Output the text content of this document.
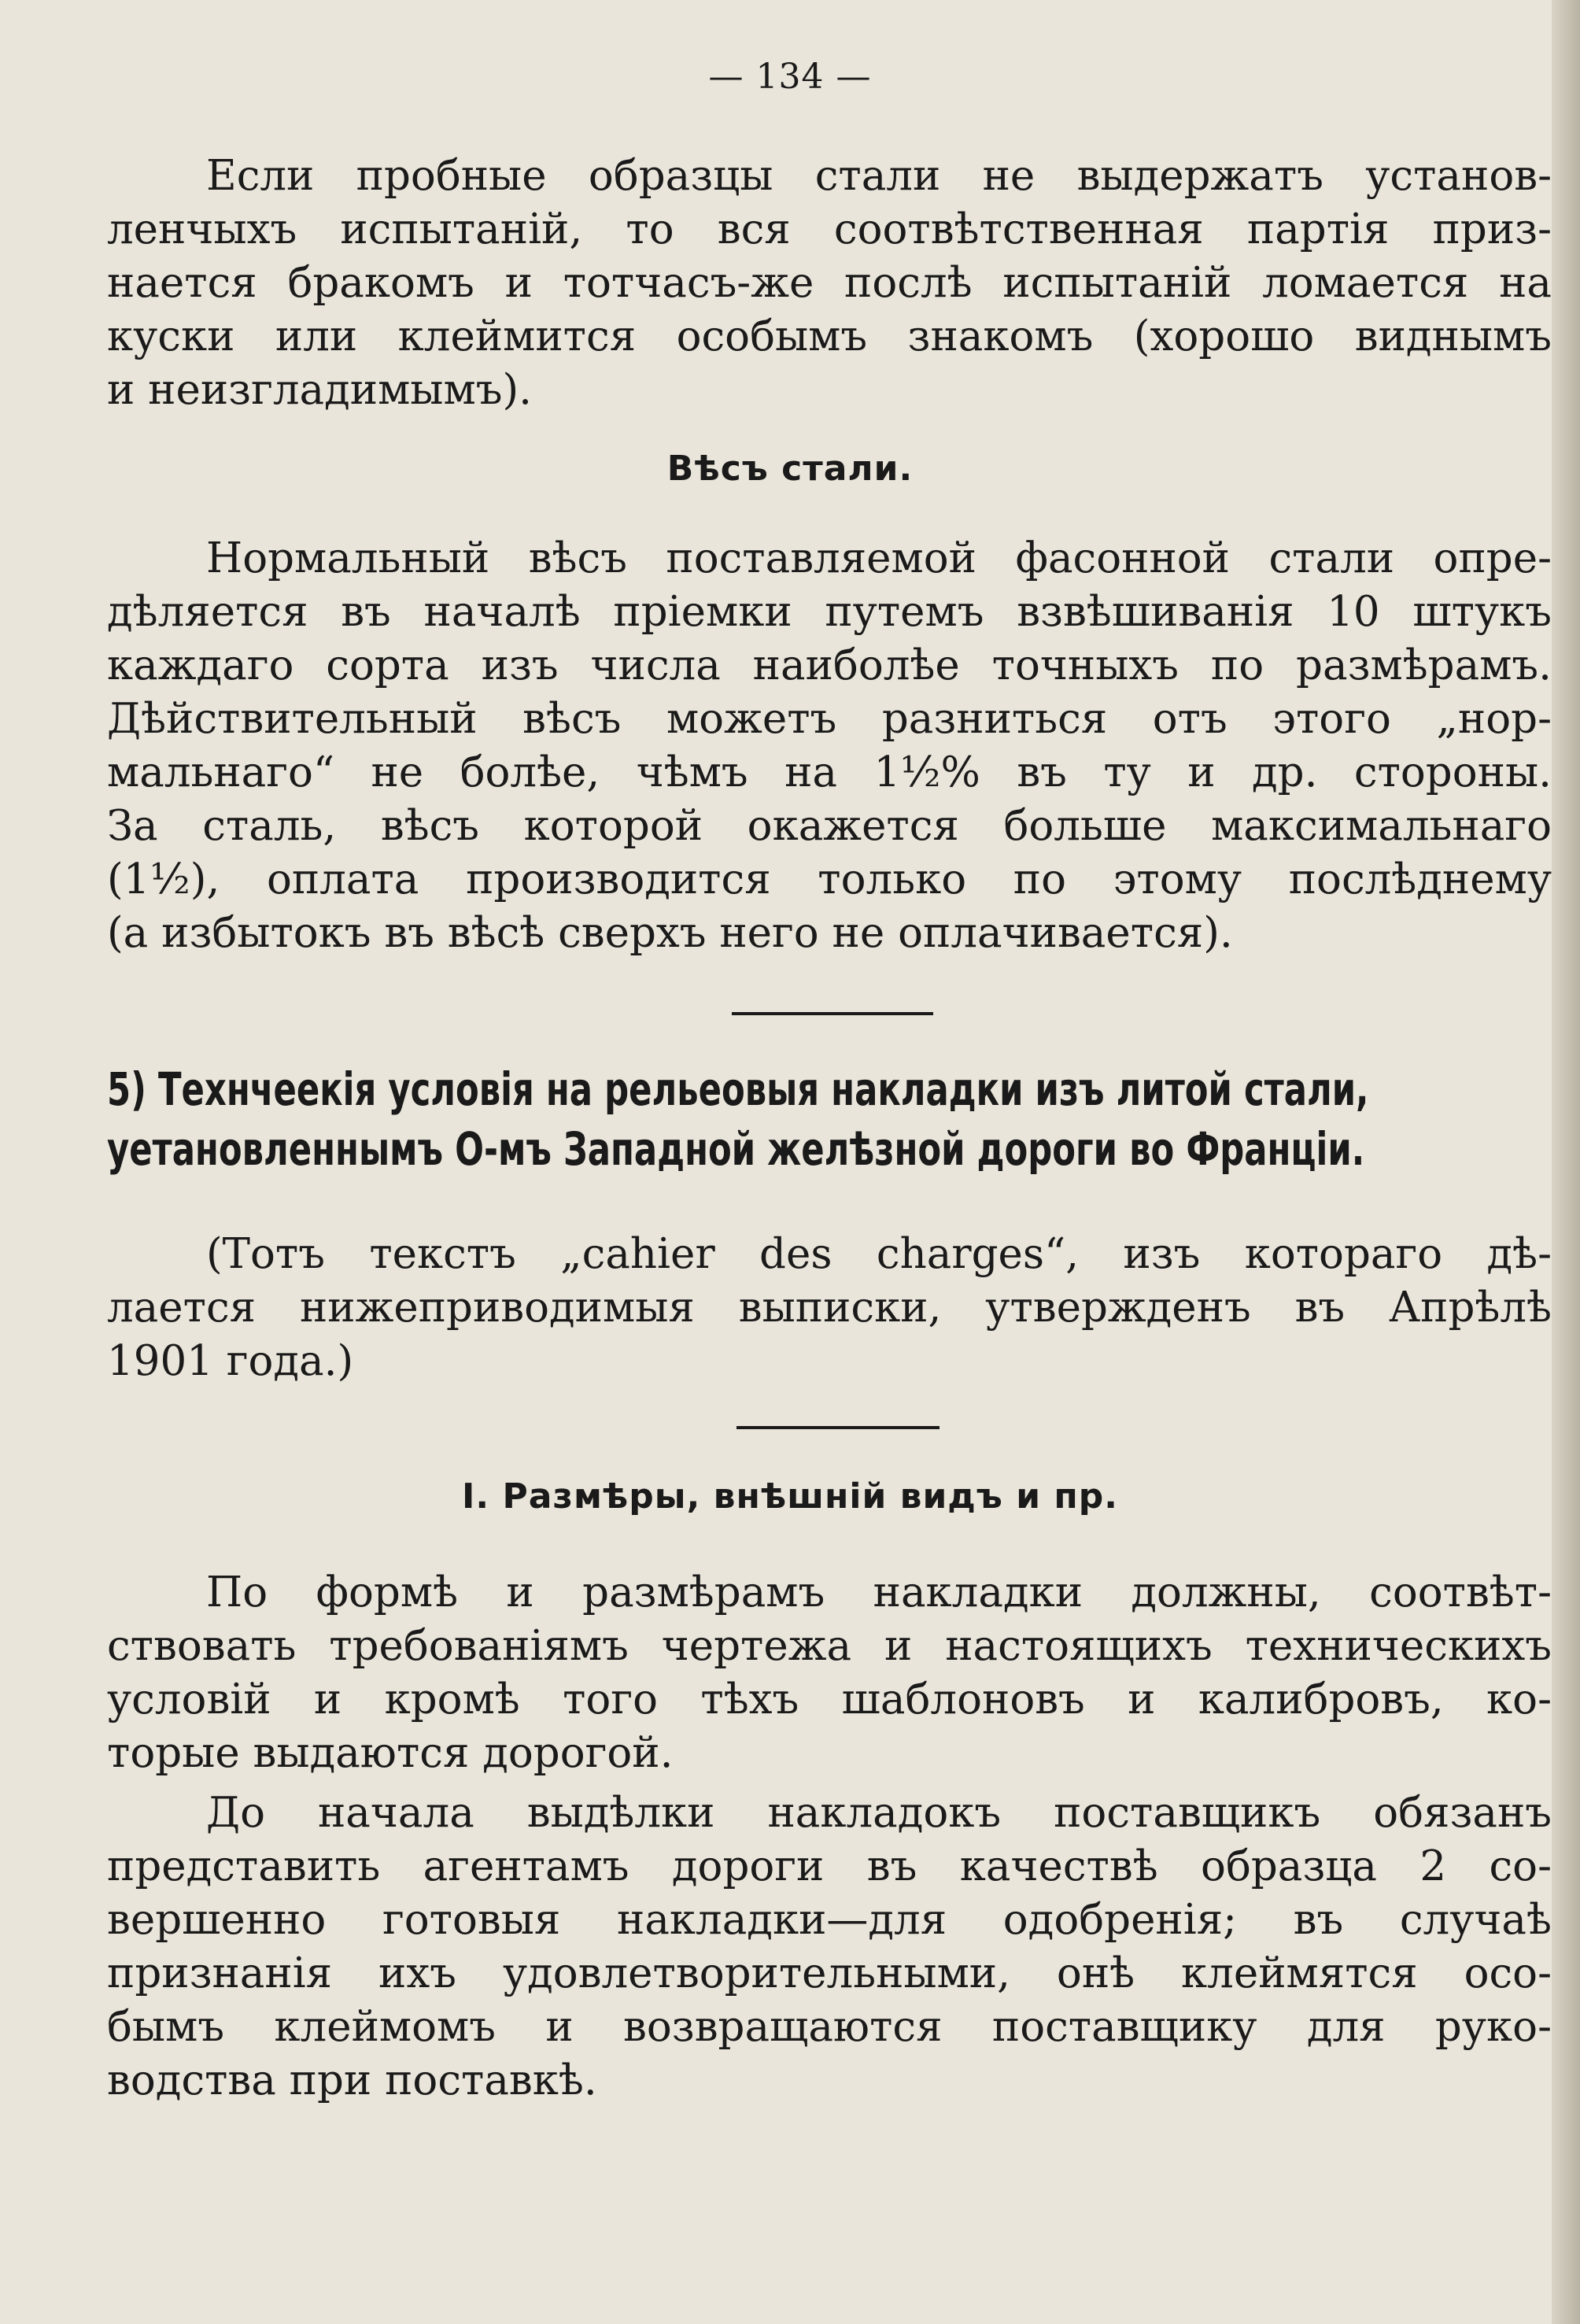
— 134 —
Если пробные образцы стали не выдержатъ установ-
ленчыхъ испытаній, то вся соотвѣтственная партія приз-
нается бракомъ и тотчасъ-же послѣ испытаній ломается на
куски или клеймится особымъ знакомъ (хорошо виднымъ
и неизгладимымъ).
Вѣсъ стали.
Нормальный вѣсъ поставляемой фасонной стали опре-
дѣляется въ началѣ пріемки путемъ взвѣшиванія 10 штукъ
каждаго сорта изъ числа наиболѣе точныхъ по размѣрамъ.
Дѣйствительный вѣсъ можетъ разниться отъ этого „нор-
мальнаго“ не болѣе, чѣмъ на 1½% въ ту и др. стороны.
За сталь, вѣсъ которой окажется больше максимальнаго
(1½), оплата производится только по этому послѣднему
(а избытокъ въ вѣсѣ сверхъ него не оплачивается).
5) Технчеекія условія на рельеовыя накладки изъ литой стали,
уетановленнымъ О-мъ Западной желѣзной дороги во Франціи.
(Тотъ текстъ „cahier des charges“, изъ котораго дѣ-
лается нижеприводимыя выписки, утвержденъ въ Апрѣлѣ
1901 года.)
I. Размѣры, внѣшній видъ и пр.
По формѣ и размѣрамъ накладки должны, соотвѣт-
ствовать требованіямъ чертежа и настоящихъ техническихъ
условій и кромѣ того тѣхъ шаблоновъ и калибровъ, ко-
торые выдаются дорогой.
До начала выдѣлки накладокъ поставщикъ обязанъ
представить агентамъ дороги въ качествѣ образца 2 со-
вершенно готовыя накладки—для одобренія; въ случаѣ
признанія ихъ удовлетворительными, онѣ клеймятся осо-
бымъ клеймомъ и возвращаются поставщику для руко-
водства при поставкѣ.
